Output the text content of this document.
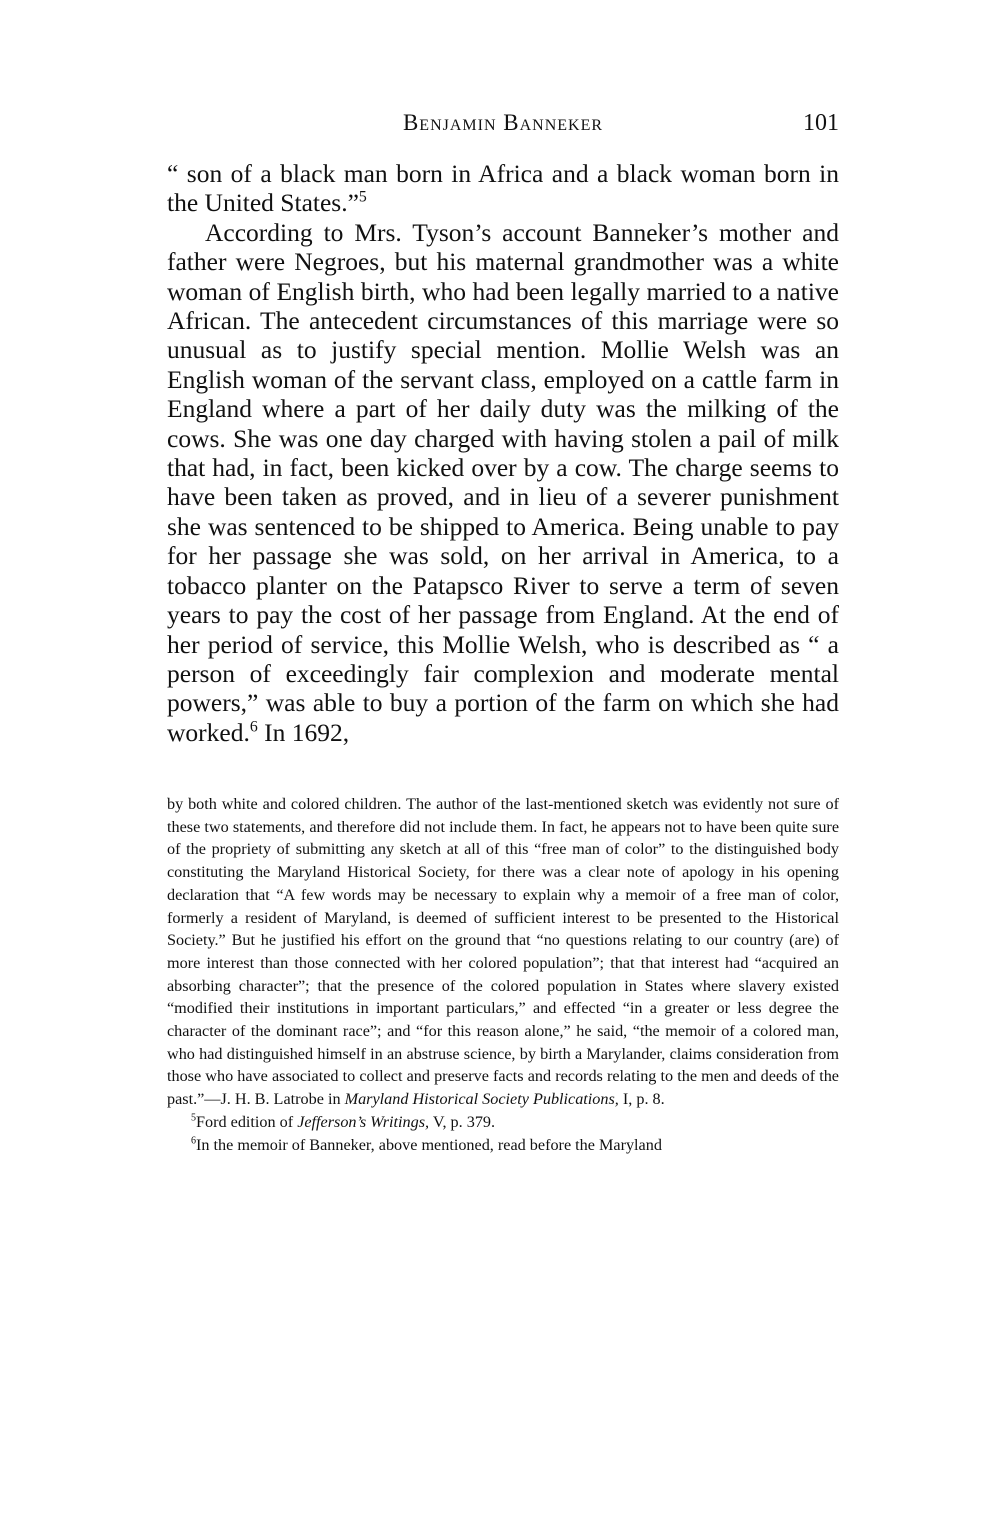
Benjamin Banneker	101

“ son of a black man born in Africa and a black woman born in the United States.”$^5$

According to Mrs. Tyson’s account Banneker’s mother and father were Negroes, but his maternal grandmother was a white woman of English birth, who had been legally married to a native African. The antecedent circumstances of this marriage were so unusual as to justify special mention. Mollie Welsh was an English woman of the servant class, employed on a cattle farm in England where a part of her daily duty was the milking of the cows. She was one day charged with having stolen a pail of milk that had, in fact, been kicked over by a cow. The charge seems to have been taken as proved, and in lieu of a severer punishment she was sentenced to be shipped to America. Being unable to pay for her passage she was sold, on her arrival in America, to a tobacco planter on the Patapsco River to serve a term of seven years to pay the cost of her passage from England. At the end of her period of service, this Mollie Welsh, who is described as “ a person of exceedingly fair complexion and moderate mental powers,” was able to buy a portion of the farm on which she had worked.$^6$ In 1692,

by both white and colored children. The author of the last-mentioned sketch was evidently not sure of these two statements, and therefore did not include them. In fact, he appears not to have been quite sure of the propriety of submitting any sketch at all of this “free man of color” to the distinguished body constituting the Maryland Historical Society, for there was a clear note of apology in his opening declaration that “A few words may be necessary to explain why a memoir of a free man of color, formerly a resident of Maryland, is deemed of sufficient interest to be presented to the Historical Society.” But he justified his effort on the ground that “no questions relating to our country (are) of more interest than those connected with her colored population”; that that interest had “acquired an absorbing character”; that the presence of the colored population in States where slavery existed “modified their institutions in important particulars,” and effected “in a greater or less degree the character of the dominant race”; and “for this reason alone,” he said, “the memoir of a colored man, who had distinguished himself in an abstruse science, by birth a Marylander, claims consideration from those who have associated to collect and preserve facts and records relating to the men and deeds of the past.”—J. H. B. Latrobe in Maryland Historical Society Publications, I, p. 8.

$^5$Ford edition of Jefferson’s Writings, V, p. 379.

$^6$In the memoir of Banneker, above mentioned, read before the Maryland
